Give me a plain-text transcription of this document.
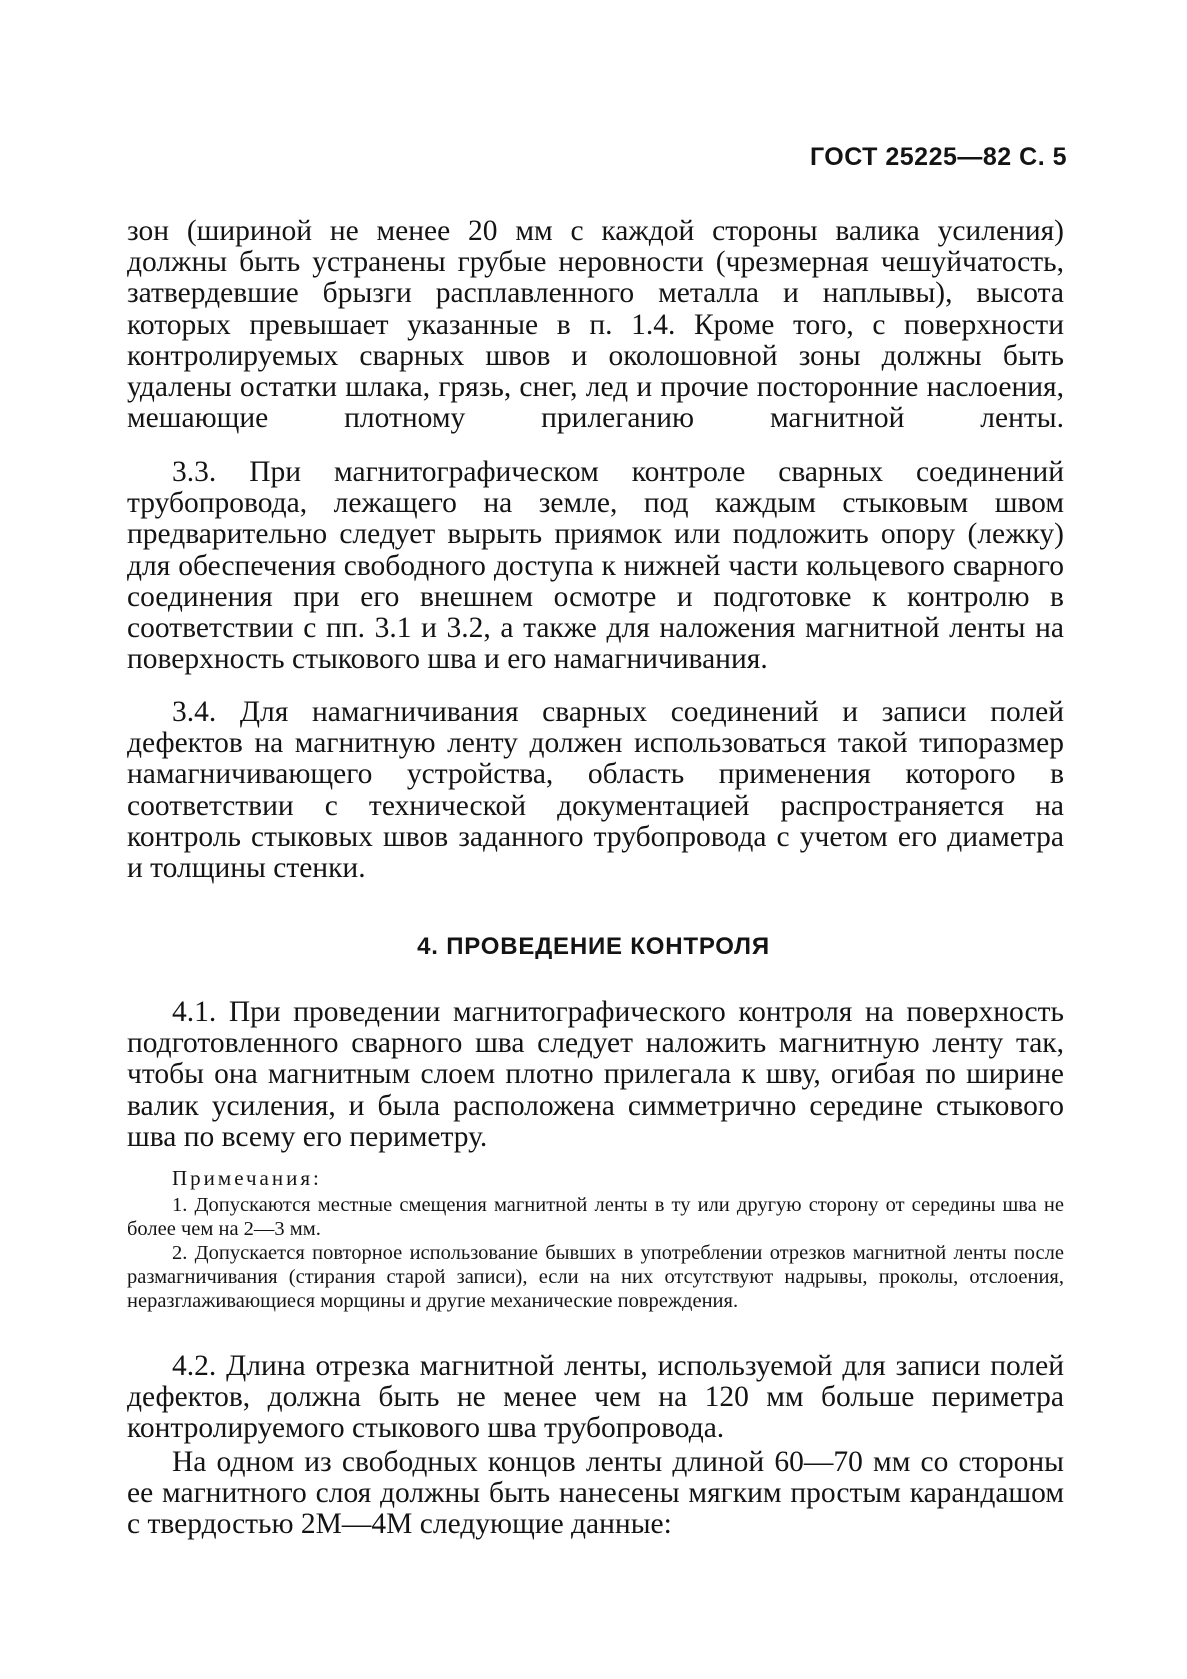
ГОСТ 25225—82 С. 5

зон (шириной не менее 20 мм с каждой стороны валика усиления) должны быть устранены грубые неровности (чрезмерная чешуйчатость, затвердевшие брызги расплавленного металла и наплывы), высота которых превышает указанные в п. 1.4. Кроме того, с поверхности контролируемых сварных швов и околошовной зоны должны быть удалены остатки шлака, грязь, снег, лед и прочие посторонние наслоения, мешающие плотному прилеганию магнитной ленты.

3.3. При магнитографическом контроле сварных соединений трубопровода, лежащего на земле, под каждым стыковым швом предварительно следует вырыть приямок или подложить опору (лежку) для обеспечения свободного доступа к нижней части кольцевого сварного соединения при его внешнем осмотре и подготовке к контролю в соответствии с пп. 3.1 и 3.2, а также для наложения магнитной ленты на поверхность стыкового шва и его намагничивания.

3.4. Для намагничивания сварных соединений и записи полей дефектов на магнитную ленту должен использоваться такой типоразмер намагничивающего устройства, область применения которого в соответствии с технической документацией распространяется на контроль стыковых швов заданного трубопровода с учетом его диаметра и толщины стенки.

4. ПРОВЕДЕНИЕ КОНТРОЛЯ

4.1. При проведении магнитографического контроля на поверхность подготовленного сварного шва следует наложить магнитную ленту так, чтобы она магнитным слоем плотно прилегала к шву, огибая по ширине валик усиления, и была расположена симметрично середине стыкового шва по всему его периметру.

Примечания:

1. Допускаются местные смещения магнитной ленты в ту или другую сторону от середины шва не более чем на 2—3 мм.

2. Допускается повторное использование бывших в употреблении отрезков магнитной ленты после размагничивания (стирания старой записи), если на них отсутствуют надрывы, проколы, отслоения, неразглаживающиеся морщины и другие механические повреждения.

4.2. Длина отрезка магнитной ленты, используемой для записи полей дефектов, должна быть не менее чем на 120 мм больше периметра контролируемого стыкового шва трубопровода.

На одном из свободных концов ленты длиной 60—70 мм со стороны ее магнитного слоя должны быть нанесены мягким простым карандашом с твердостью 2М—4М следующие данные:
